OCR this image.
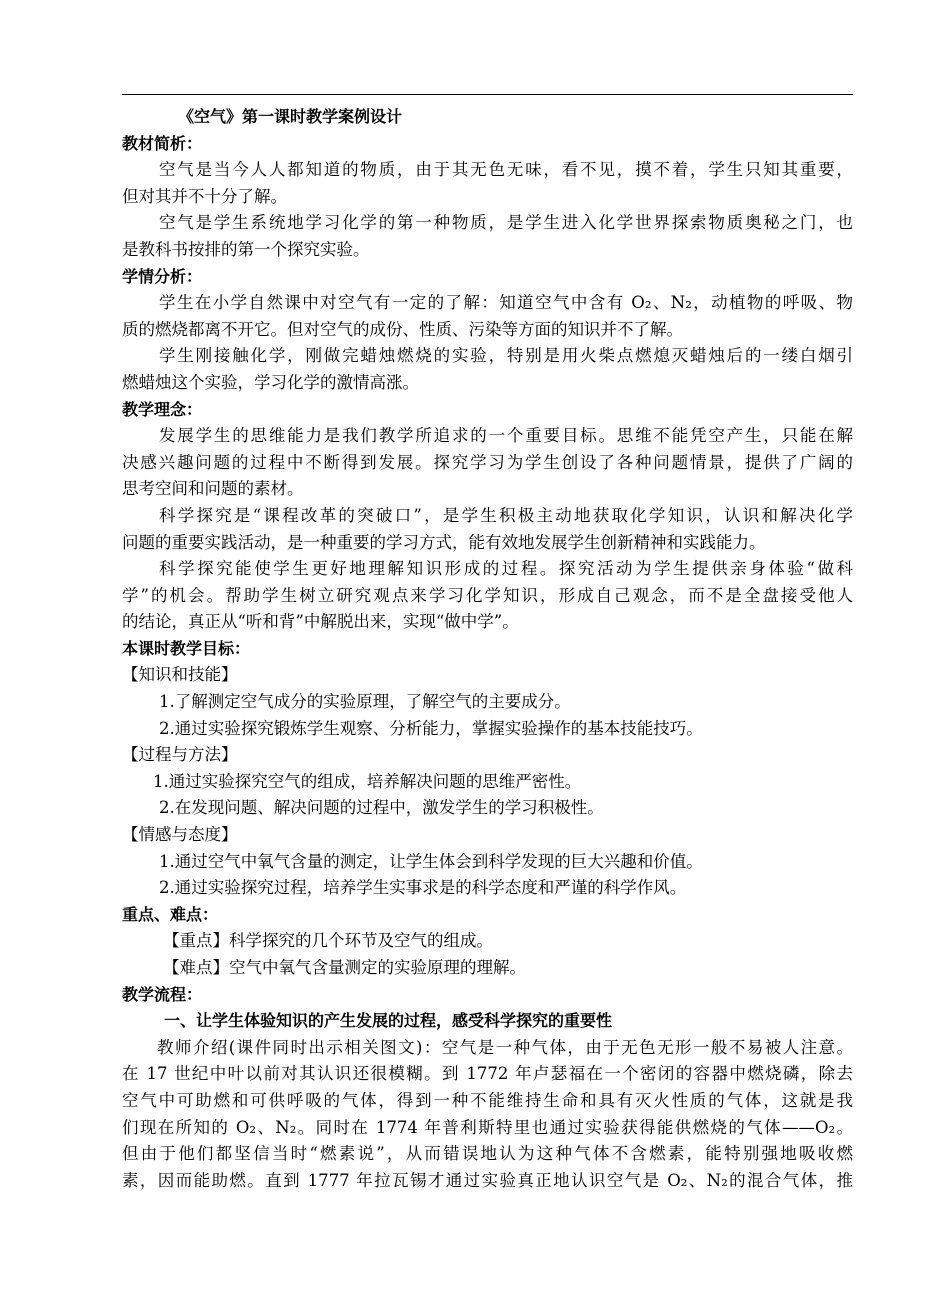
《空气》第一课时教学案例设计
教材简析：
空气是当今人人都知道的物质，由于其无色无味，看不见，摸不着，学生只知其重要，
但对其并不十分了解。
空气是学生系统地学习化学的第一种物质，是学生进入化学世界探索物质奥秘之门，也
是教科书按排的第一个探究实验。
学情分析：
学生在小学自然课中对空气有一定的了解：知道空气中含有 O₂、N₂，动植物的呼吸、物
质的燃烧都离不开它。但对空气的成份、性质、污染等方面的知识并不了解。
学生刚接触化学，刚做完蜡烛燃烧的实验，特别是用火柴点燃熄灭蜡烛后的一缕白烟引
燃蜡烛这个实验，学习化学的激情高涨。
教学理念：
发展学生的思维能力是我们教学所追求的一个重要目标。思维不能凭空产生，只能在解
决感兴趣问题的过程中不断得到发展。探究学习为学生创设了各种问题情景，提供了广阔的
思考空间和问题的素材。
科学探究是“课程改革的突破口”，是学生积极主动地获取化学知识，认识和解决化学
问题的重要实践活动，是一种重要的学习方式，能有效地发展学生创新精神和实践能力。
科学探究能使学生更好地理解知识形成的过程。探究活动为学生提供亲身体验“做科
学”的机会。帮助学生树立研究观点来学习化学知识，形成自己观念，而不是全盘接受他人
的结论，真正从“听和背”中解脱出来，实现“做中学”。
本课时教学目标：
【知识和技能】
1.了解测定空气成分的实验原理，了解空气的主要成分。
2.通过实验探究锻炼学生观察、分析能力，掌握实验操作的基本技能技巧。
【过程与方法】
1.通过实验探究空气的组成，培养解决问题的思维严密性。
2.在发现问题、解决问题的过程中，激发学生的学习积极性。
【情感与态度】
1.通过空气中氧气含量的测定，让学生体会到科学发现的巨大兴趣和价值。
2.通过实验探究过程，培养学生实事求是的科学态度和严谨的科学作风。
重点、难点：
【重点】科学探究的几个环节及空气的组成。
【难点】空气中氧气含量测定的实验原理的理解。
教学流程：
一、让学生体验知识的产生发展的过程，感受科学探究的重要性
教师介绍(课件同时出示相关图文)：空气是一种气体，由于无色无形一般不易被人注意。
在 17 世纪中叶以前对其认识还很模糊。到 1772 年卢瑟福在一个密闭的容器中燃烧磷，除去
空气中可助燃和可供呼吸的气体，得到一种不能维持生命和具有灭火性质的气体，这就是我
们现在所知的 O₂、N₂。同时在 1774 年普利斯特里也通过实验获得能供燃烧的气体——O₂。
但由于他们都坚信当时“燃素说”，从而错误地认为这种气体不含燃素，能特别强地吸收燃
素，因而能助燃。直到 1777 年拉瓦锡才通过实验真正地认识空气是 O₂、N₂的混合气体，推
